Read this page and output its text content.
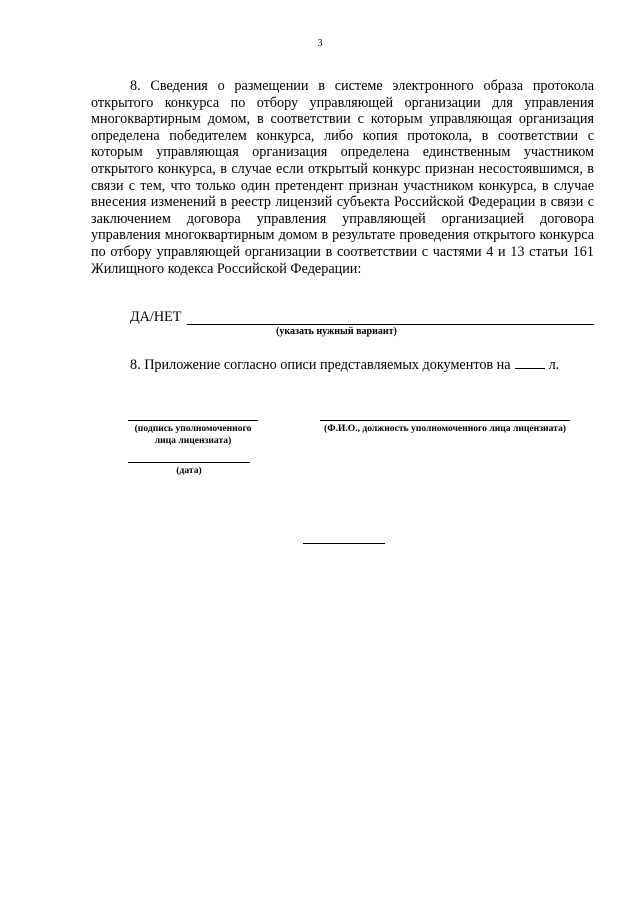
3

8. Сведения о размещении в системе электронного образа протокола открытого конкурса по отбору управляющей организации для управления многоквартирным домом, в соответствии с которым управляющая организация определена победителем конкурса, либо копия протокола, в соответствии с которым управляющая организация определена единственным участником открытого конкурса, в случае если открытый конкурс признан несостоявшимся, в связи с тем, что только один претендент признан участником конкурса, в случае внесения изменений в реестр лицензий субъекта Российской Федерации в связи с заключением договора управления управляющей организацией договора управления многоквартирным домом в результате проведения открытого конкурса по отбору управляющей организации в соответствии с частями 4 и 13 статьи 161 Жилищного кодекса Российской Федерации:

ДА/НЕТ
(указать нужный вариант)
8. Приложение согласно описи представляемых документов на	л.
(подпись уполномоченного
лица лицензиата)
(Ф.И.О., должность уполномоченного лица лицензиата)
(дата)
